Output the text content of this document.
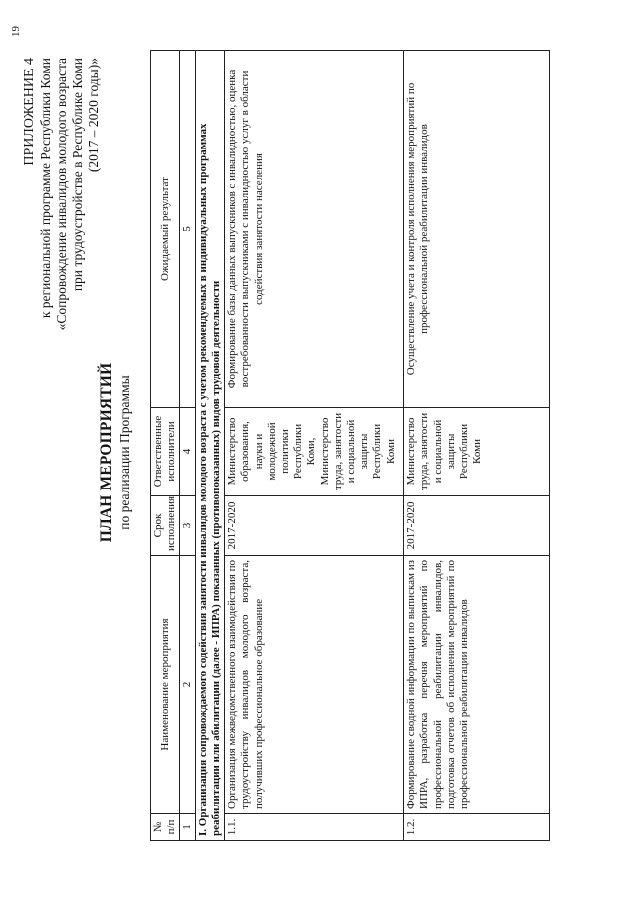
19
ПРИЛОЖЕНИЕ 4 к региональной программе Республики Коми «Сопровождение инвалидов молодого возраста при трудоустройстве в Республике Коми (2017 – 2020 годы)»
ПЛАН МЕРОПРИЯТИЙ по реализации Программы
№ п/п	Наименование мероприятия	Срок исполнения	Ответственные исполнители	Ожидаемый результат
1	2	3	4	5
I. Организация сопровождаемого содействия занятости инвалидов молодого возраста с учетом рекомендуемых в индивидуальных программах реабилитации или абилитации (далее - ИПРА) показанных (противопоказанных) видов трудовой деятельности				
1.1.	Организация межведомственного взаимодействия по трудоустройству инвалидов молодого возраста, получивших профессиональное образование	2017-2020	Министерство образования, науки и молодежной политики Республики Коми, Министерство труда, занятости и социальной защиты Республики Коми	Формирование базы данных выпускников с инвалидностью, оценка востребованности выпускниками с инвалидностью услуг в области содействия занятости населения
1.2.	Формирование сводной информации по выпискам из ИПРА, разработка перечня мероприятий по профессиональной реабилитации инвалидов, подготовка отчетов об исполнении мероприятий по профессиональной реабилитации инвалидов	2017-2020	Министерство труда, занятости и социальной защиты Республики Коми	Осуществление учета и контроля исполнения мероприятий по профессиональной реабилитации инвалидов
